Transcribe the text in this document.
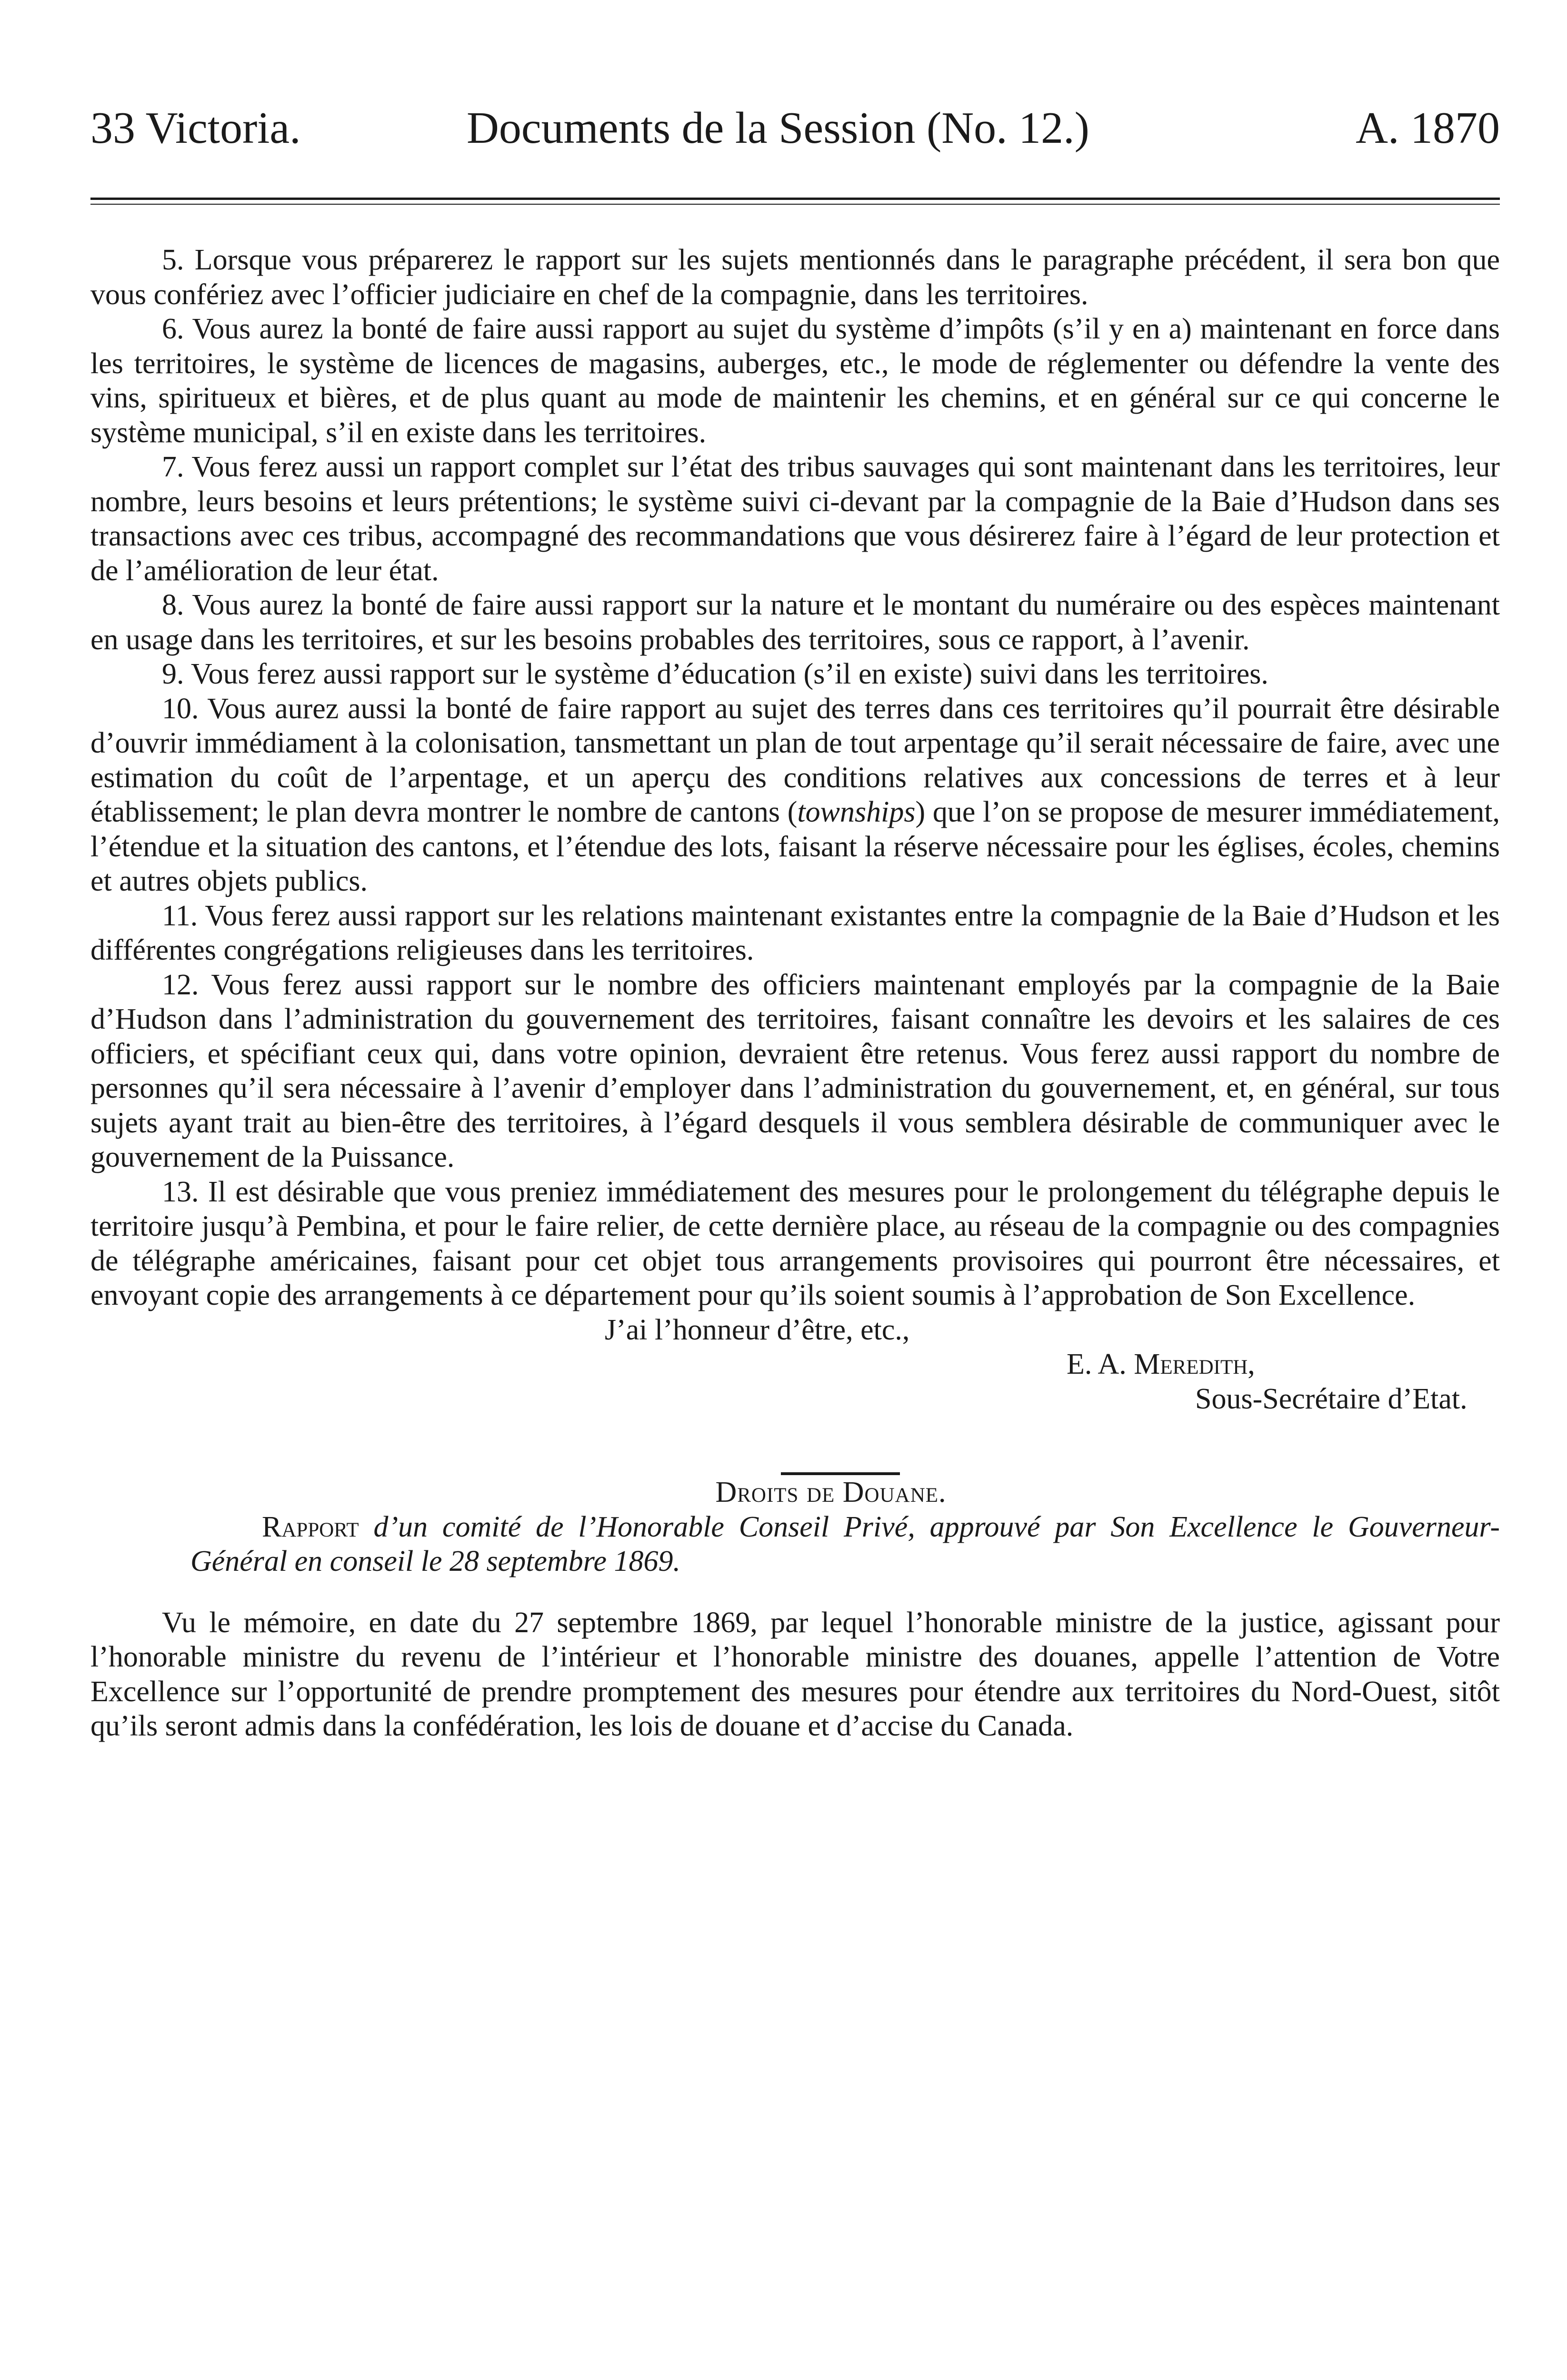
33 Victoria.	Documents de la Session (No. 12.)	A. 1870

5. Lorsque vous préparerez le rapport sur les sujets mentionnés dans le paragraphe précédent, il sera bon que vous confériez avec l’officier judiciaire en chef de la compagnie, dans les territoires.

6. Vous aurez la bonté de faire aussi rapport au sujet du système d’impôts (s’il y en a) maintenant en force dans les territoires, le système de licences de magasins, auberges, etc., le mode de réglementer ou défendre la vente des vins, spiritueux et bières, et de plus quant au mode de maintenir les chemins, et en général sur ce qui concerne le système municipal, s’il en existe dans les territoires.

7. Vous ferez aussi un rapport complet sur l’état des tribus sauvages qui sont maintenant dans les territoires, leur nombre, leurs besoins et leurs prétentions; le système suivi ci-devant par la compagnie de la Baie d’Hudson dans ses transactions avec ces tribus, accompagné des recommandations que vous désirerez faire à l’égard de leur protection et de l’amélioration de leur état.

8. Vous aurez la bonté de faire aussi rapport sur la nature et le montant du numéraire ou des espèces maintenant en usage dans les territoires, et sur les besoins probables des territoires, sous ce rapport, à l’avenir.

9. Vous ferez aussi rapport sur le système d’éducation (s’il en existe) suivi dans les territoires.

10. Vous aurez aussi la bonté de faire rapport au sujet des terres dans ces territoires qu’il pourrait être désirable d’ouvrir immédiament à la colonisation, tansmettant un plan de tout arpentage qu’il serait nécessaire de faire, avec une estimation du coût de l’arpentage, et un aperçu des conditions relatives aux concessions de terres et à leur établissement; le plan devra montrer le nombre de cantons (townships) que l’on se propose de mesurer immédiatement, l’étendue et la situation des cantons, et l’étendue des lots, faisant la réserve nécessaire pour les églises, écoles, chemins et autres objets publics.

11. Vous ferez aussi rapport sur les relations maintenant existantes entre la compagnie de la Baie d’Hudson et les différentes congrégations religieuses dans les territoires.

12. Vous ferez aussi rapport sur le nombre des officiers maintenant employés par la compagnie de la Baie d’Hudson dans l’administration du gouvernement des territoires, faisant connaître les devoirs et les salaires de ces officiers, et spécifiant ceux qui, dans votre opinion, devraient être retenus. Vous ferez aussi rapport du nombre de personnes qu’il sera nécessaire à l’avenir d’employer dans l’administration du gouvernement, et, en général, sur tous sujets ayant trait au bien-être des territoires, à l’égard desquels il vous semblera désirable de communiquer avec le gouvernement de la Puissance.

13. Il est désirable que vous preniez immédiatement des mesures pour le prolongement du télégraphe depuis le territoire jusqu’à Pembina, et pour le faire relier, de cette dernière place, au réseau de la compagnie ou des compagnies de télégraphe américaines, faisant pour cet objet tous arrangements provisoires qui pourront être nécessaires, et envoyant copie des arrangements à ce département pour qu’ils soient soumis à l’approbation de Son Excellence.

J’ai l’honneur d’être, etc.,

E. A. Meredith,

Sous-Secrétaire d’Etat.

Droits de Douane.

Rapport d’un comité de l’Honorable Conseil Privé, approuvé par Son Excellence le Gouverneur-Général en conseil le 28 septembre 1869.

Vu le mémoire, en date du 27 septembre 1869, par lequel l’honorable ministre de la justice, agissant pour l’honorable ministre du revenu de l’intérieur et l’honorable ministre des douanes, appelle l’attention de Votre Excellence sur l’opportunité de prendre promptement des mesures pour étendre aux territoires du Nord-Ouest, sitôt qu’ils seront admis dans la confédération, les lois de douane et d’accise du Canada.
